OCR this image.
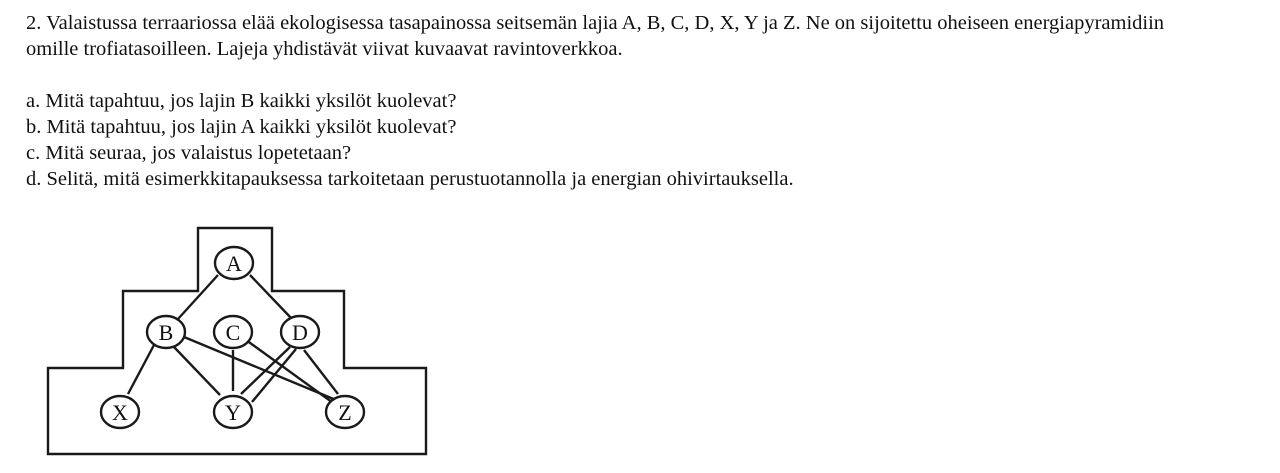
2. Valaistussa terraariossa elää ekologisessa tasapainossa seitsemän lajia A, B, C, D, X, Y ja Z. Ne on sijoitettu oheiseen energiapyramidiin
omille trofiatasoilleen. Lajeja yhdistävät viivat kuvaavat ravintoverkkoa.

a. Mitä tapahtuu, jos lajin B kaikki yksilöt kuolevat?
b. Mitä tapahtuu, jos lajin A kaikki yksilöt kuolevat?
c. Mitä seuraa, jos valaistus lopetetaan?
d. Selitä, mitä esimerkkitapauksessa tarkoitetaan perustuotannolla ja energian ohivirtauksella.

A
B C D
X	Y	Z
